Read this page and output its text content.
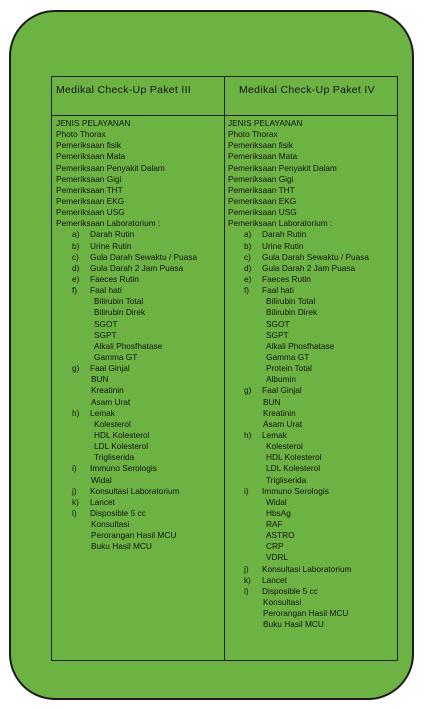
Medikal Check-Up Paket III	Medikal Check-Up Paket IV
JENIS PELAYANAN
Photo Thorax
Pemeriksaan fisik
Pemeriksaan Mata
Pemeriksaan Penyakit Dalam
Pemeriksaan Gigi
Pemeriksaan THT
Pemeriksaan EKG
Pemeriksaan USG
Pemeriksaan Laboratorium :
a) Darah Rutin
b) Urine Rutin
c) Gula Darah Sewaktu / Puasa
d) Gula Darah 2 Jam Puasa
e) Faeces Rutin
f) Faal hati
Bilirubin Total
Bilirubin Direk
SGOT
SGPT
Alkali Phosfhatase
Gamma GT
g) Faal Ginjal
BUN
Kreatinin
Asam Urat
h) Lemak
Kolesterol
HDL Kolesterol
LDL Kolesterol
Trigliserida
i) Immuno Serologis
Widal
j) Konsultasi Laboratorium
k) Lancet
l) Disposible 5 cc
Konsultasi
Perorangan Hasil MCU
Buku Hasil MCU
JENIS PELAYANAN
Photo Thorax
Pemeriksaan fisik
Pemeriksaan Mata
Pemeriksaan Penyakit Dalam
Pemeriksaan Gigi
Pemeriksaan THT
Pemeriksaan EKG
Pemeriksaan USG
Pemeriksaan Laboratorium :
a) Darah Rutin
b) Urine Rutin
c) Gula Darah Sewaktu / Puasa
d) Gula Darah 2 Jam Puasa
e) Faeces Rutin
f) Faal hati
Bilirubin Total
Bilirubin Direk
SGOT
SGPT
Alkali Phosfhatase
Gamma GT
Protein Total
Albumin
g) Faal Ginjal
BUN
Kreatinin
Asam Urat
h) Lemak
Kolesterol
HDL Kolesterol
LDL Kolesterol
Trigliserida
i) Immuno Serologis
Widal
HbsAg
RAF
ASTRO
CRP
VDRL
j) Konsultasi Laboratorium
k) Lancet
l) Disposible 5 cc
Konsultasi
Perorangan Hasil MCU
Buku Hasil MCU
